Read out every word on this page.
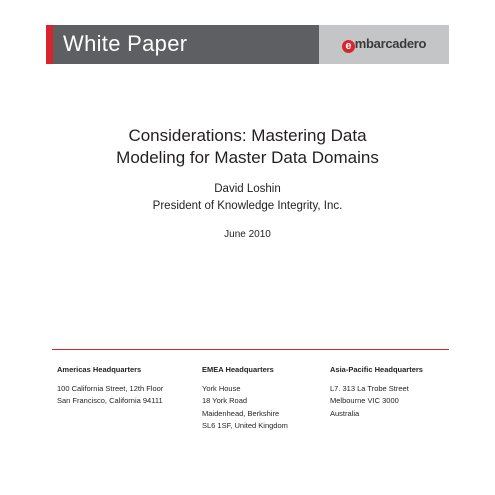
White Paper	e mbarcadero
Considerations: Mastering Data
Modeling for Master Data Domains
David Loshin
President of Knowledge Integrity, Inc.
June 2010
Americas Headquarters
100 California Street, 12th Floor
San Francisco, California 94111
EMEA Headquarters
York House
18 York Road
Maidenhead, Berkshire
SL6 1SF, United Kingdom
Asia-Pacific Headquarters
L7. 313 La Trobe Street
Melbourne VIC 3000
Australia
